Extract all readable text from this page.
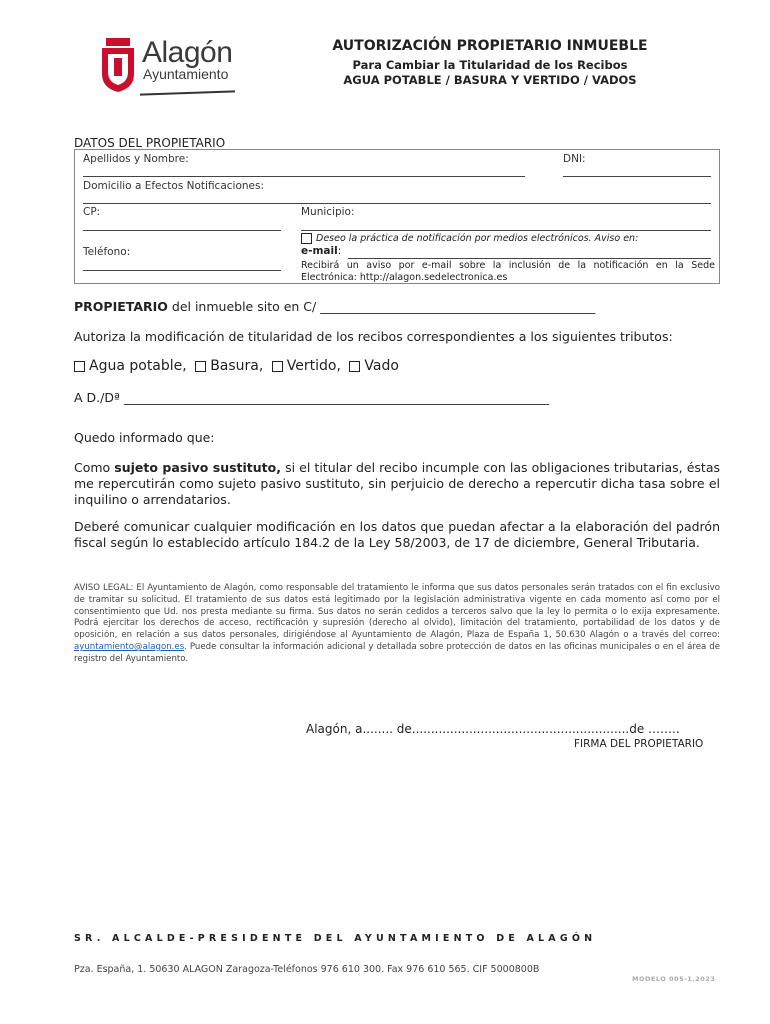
Alagón
Ayuntamiento
AUTORIZACIÓN PROPIETARIO INMUEBLE
Para Cambiar la Titularidad de los Recibos
AGUA POTABLE / BASURA Y VERTIDO / VADOS
DATOS DEL PROPIETARIO
Apellidos y Nombre:	DNI:
Domicilio a Efectos Notificaciones:
CP:	Municipio:
Teléfono:
Deseo la práctica de notificación por medios electrónicos. Aviso en:
e-mail:
Recibirá un aviso por e-mail sobre la inclusión de la notificación en la Sede Electrónica: http://alagon.sedelectronica.es
PROPIETARIO del inmueble sito en C/ ____________________________________________
Autoriza la modificación de titularidad de los recibos correspondientes a los siguientes tributos:
Agua potable, Basura, Vertido, Vado
A D./Dª ____________________________________________________________________
Quedo informado que:
Como sujeto pasivo sustituto, si el titular del recibo incumple con las obligaciones tributarias, éstas me repercutirán como sujeto pasivo sustituto, sin perjuicio de derecho a repercutir dicha tasa sobre el inquilino o arrendatarios.
Deberé comunicar cualquier modificación en los datos que puedan afectar a la elaboración del padrón fiscal según lo establecido artículo 184.2 de la Ley 58/2003, de 17 de diciembre, General Tributaria.
AVISO LEGAL: El Ayuntamiento de Alagón, como responsable del tratamiento le informa que sus datos personales serán tratados con el fin exclusivo de tramitar su solicitud. El tratamiento de sus datos está legitimado por la legislación administrativa vigente en cada momento así como por el consentimiento que Ud. nos presta mediante su firma. Sus datos no serán cedidos a terceros salvo que la ley lo permita o lo exija expresamente. Podrá ejercitar los derechos de acceso, rectificación y supresión (derecho al olvido), limitación del tratamiento, portabilidad de los datos y de oposición, en relación a sus datos personales, dirigiéndose al Ayuntamiento de Alagón, Plaza de España 1, 50.630 Alagón o a través del correo: ayuntamiento@alagon.es. Puede consultar la información adicional y detallada sobre protección de datos en las oficinas municipales o en el área de registro del Ayuntamiento.
Alagón, a........ de.........................................................de ……..
FIRMA DEL PROPIETARIO
SR. ALCALDE-PRESIDENTE DEL AYUNTAMIENTO DE ALAGÓN
Pza. España, 1. 50630 ALAGON Zaragoza-Teléfonos 976 610 300. Fax 976 610 565. CIF 5000800B
MODELO 005-1.2023
